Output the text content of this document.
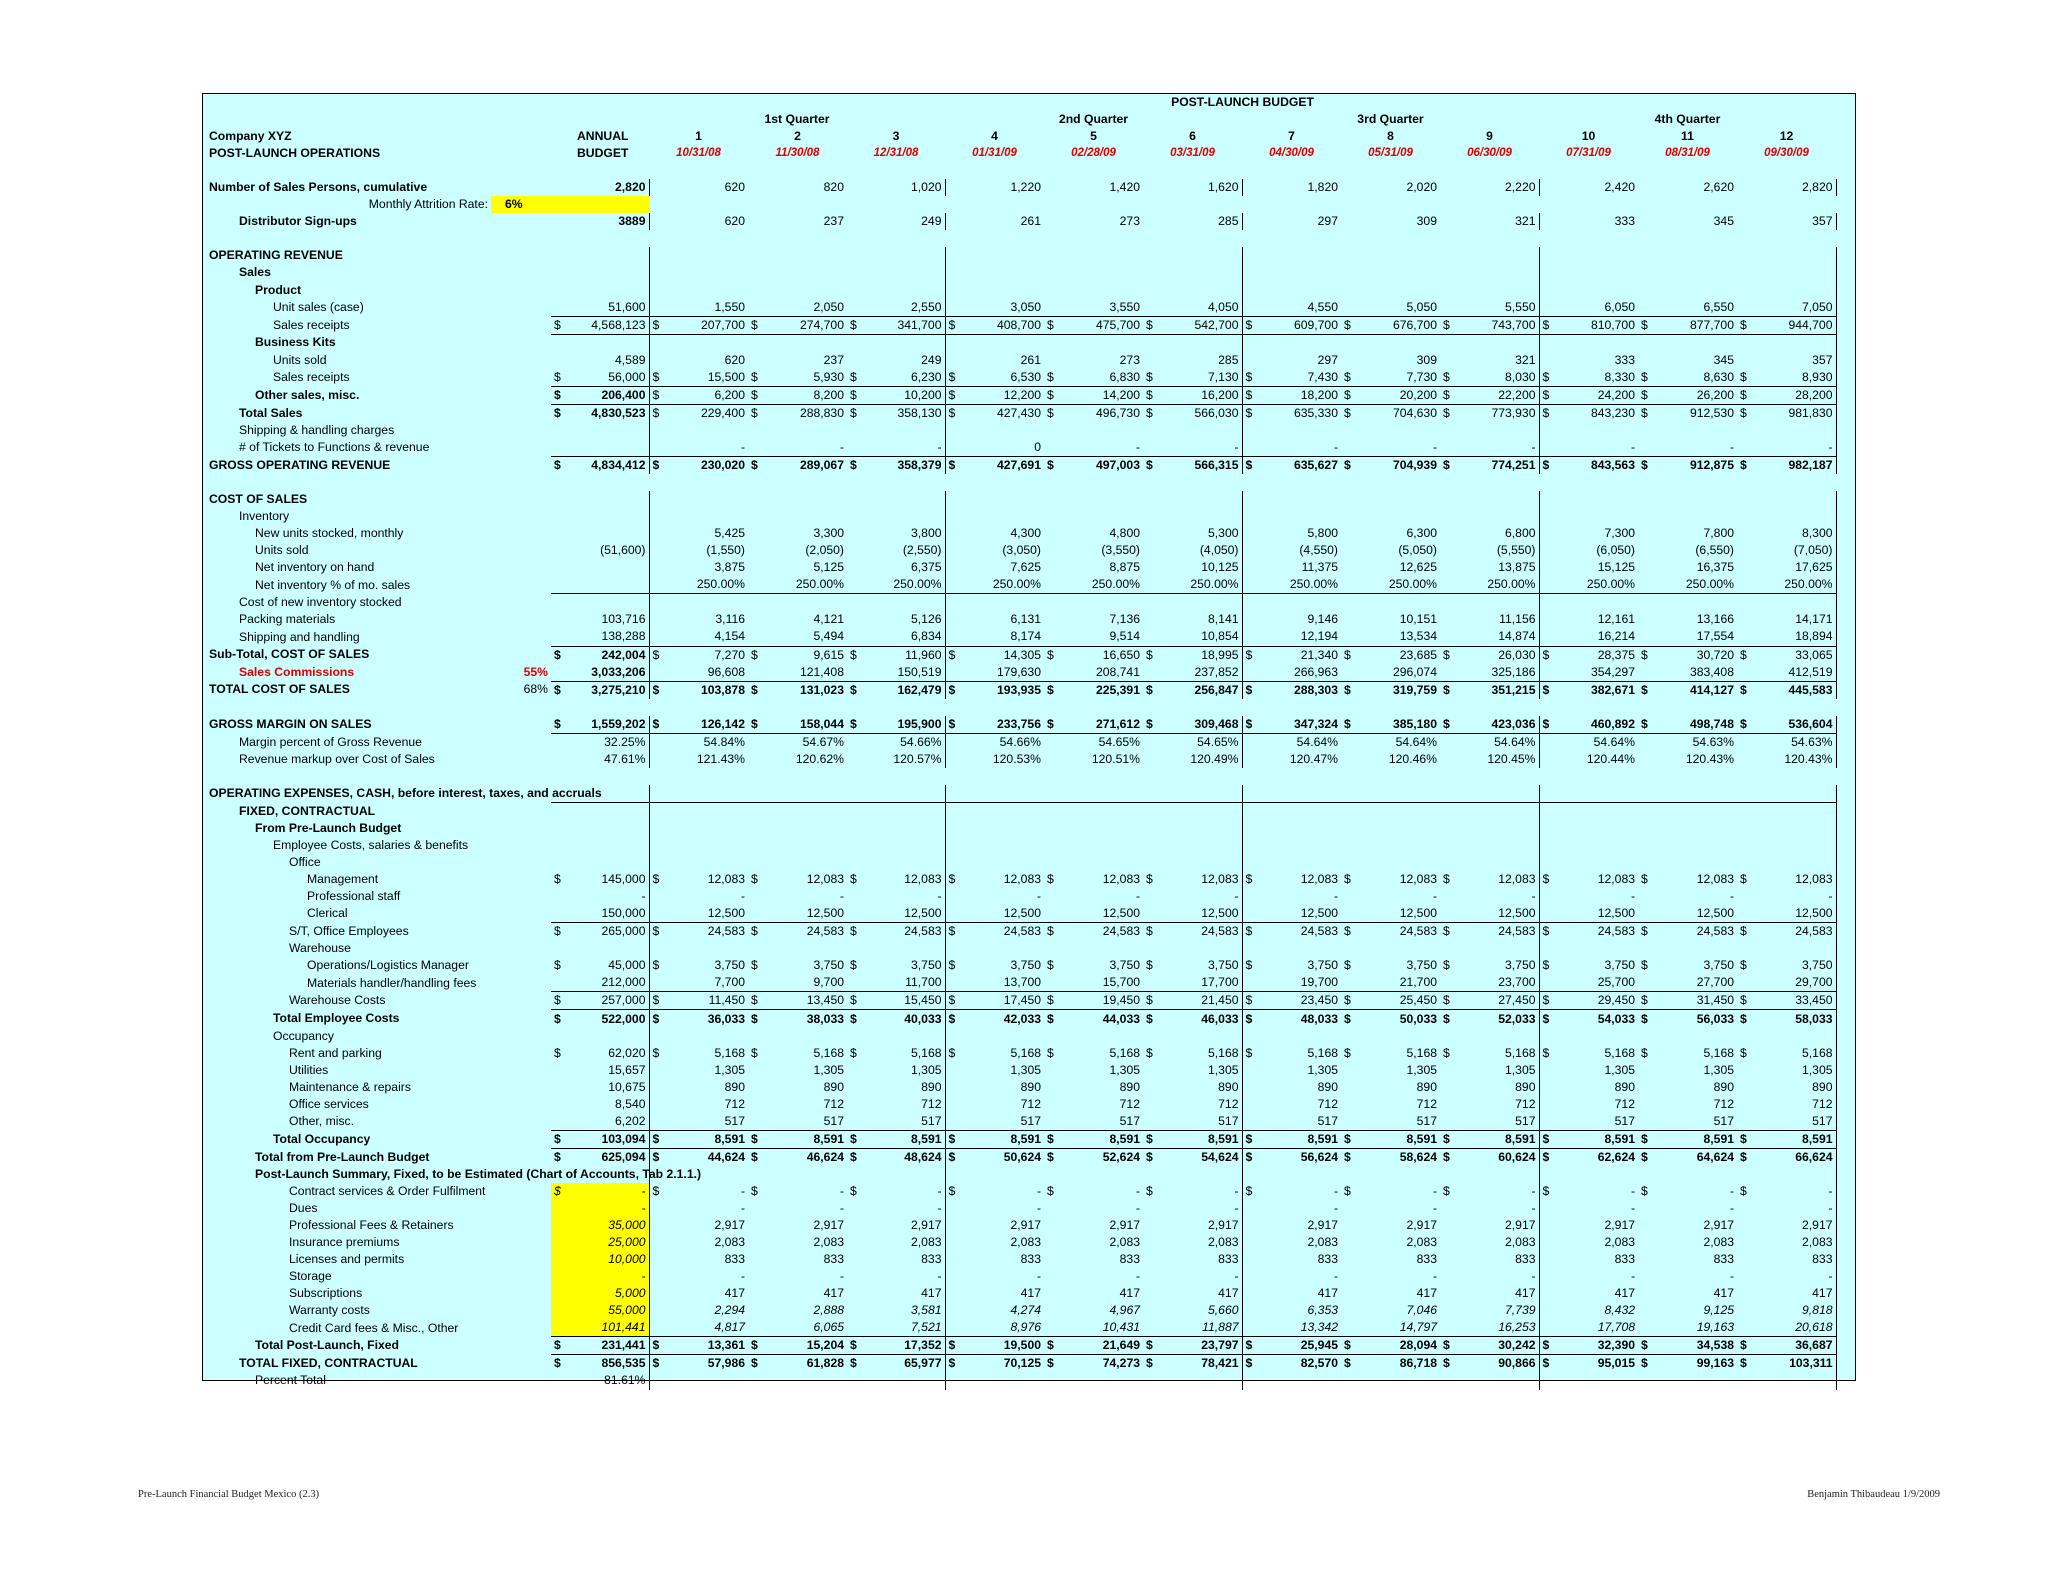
				POST-LAUNCH BUDGET																							
				1st Quarter						2nd Quarter						3rd Quarter						4th Quarter					
Company XYZ		ANNUAL		1		2		3		4		5		6		7		8		9		10		11		12	
POST-LAUNCH OPERATIONS		BUDGET		10/31/08		11/30/08		12/31/08		01/31/09		02/28/09		03/31/09		04/30/09		05/31/09		06/30/09		07/31/09		08/31/09		09/30/09	

Number of Sales Persons, cumulative			2,820		620		820		1,020		1,220		1,420		1,620		1,820		2,020		2,220		2,420		2,620		2,820
Monthly Attrition Rate:	6%																										
Distributor Sign-ups			3889		620		237		249		261		273		285		297		309		321		333		345		357

OPERATING REVENUE																											
Sales																											
Product																											
Unit sales (case)			51,600		1,550		2,050		2,550		3,050		3,550		4,050		4,550		5,050		5,550		6,050		6,550		7,050
Sales receipts		$	4,568,123	$	207,700	$	274,700	$	341,700	$	408,700	$	475,700	$	542,700	$	609,700	$	676,700	$	743,700	$	810,700	$	877,700	$	944,700
Business Kits																											
Units sold			4,589		620		237		249		261		273		285		297		309		321		333		345		357
Sales receipts		$	56,000	$	15,500	$	5,930	$	6,230	$	6,530	$	6,830	$	7,130	$	7,430	$	7,730	$	8,030	$	8,330	$	8,630	$	8,930
Other sales, misc.		$	206,400	$	6,200	$	8,200	$	10,200	$	12,200	$	14,200	$	16,200	$	18,200	$	20,200	$	22,200	$	24,200	$	26,200	$	28,200
Total Sales		$	4,830,523	$	229,400	$	288,830	$	358,130	$	427,430	$	496,730	$	566,030	$	635,330	$	704,630	$	773,930	$	843,230	$	912,530	$	981,830
Shipping & handling charges																											
# of Tickets to Functions & revenue					-		-		-		0		-		-		-		-		-		-		-		-
GROSS OPERATING REVENUE		$	4,834,412	$	230,020	$	289,067	$	358,379	$	427,691	$	497,003	$	566,315	$	635,627	$	704,939	$	774,251	$	843,563	$	912,875	$	982,187

COST OF SALES																											
Inventory																											
New units stocked, monthly					5,425		3,300		3,800		4,300		4,800		5,300		5,800		6,300		6,800		7,300		7,800		8,300
Units sold			(51,600)		(1,550)		(2,050)		(2,550)		(3,050)		(3,550)		(4,050)		(4,550)		(5,050)		(5,550)		(6,050)		(6,550)		(7,050)
Net inventory on hand					3,875		5,125		6,375		7,625		8,875		10,125		11,375		12,625		13,875		15,125		16,375		17,625
Net inventory % of mo. sales					250.00%		250.00%		250.00%		250.00%		250.00%		250.00%		250.00%		250.00%		250.00%		250.00%		250.00%		250.00%
Cost of new inventory stocked																											
Packing materials			103,716		3,116		4,121		5,126		6,131		7,136		8,141		9,146		10,151		11,156		12,161		13,166		14,171
Shipping and handling			138,288		4,154		5,494		6,834		8,174		9,514		10,854		12,194		13,534		14,874		16,214		17,554		18,894
Sub-Total, COST OF SALES		$	242,004	$	7,270	$	9,615	$	11,960	$	14,305	$	16,650	$	18,995	$	21,340	$	23,685	$	26,030	$	28,375	$	30,720	$	33,065
Sales Commissions	55%		3,033,206		96,608		121,408		150,519		179,630		208,741		237,852		266,963		296,074		325,186		354,297		383,408		412,519
TOTAL COST OF SALES	68%	$	3,275,210	$	103,878	$	131,023	$	162,479	$	193,935	$	225,391	$	256,847	$	288,303	$	319,759	$	351,215	$	382,671	$	414,127	$	445,583

GROSS MARGIN ON SALES		$	1,559,202	$	126,142	$	158,044	$	195,900	$	233,756	$	271,612	$	309,468	$	347,324	$	385,180	$	423,036	$	460,892	$	498,748	$	536,604
Margin percent of Gross Revenue			32.25%		54.84%		54.67%		54.66%		54.66%		54.65%		54.65%		54.64%		54.64%		54.64%		54.64%		54.63%		54.63%
Revenue markup over Cost of Sales			47.61%		121.43%		120.62%		120.57%		120.53%		120.51%		120.49%		120.47%		120.46%		120.45%		120.44%		120.43%		120.43%

OPERATING EXPENSES, CASH, before interest, taxes, and accruals																											
FIXED, CONTRACTUAL																											
From Pre-Launch Budget																											
Employee Costs, salaries & benefits																											
Office																											
Management		$	145,000	$	12,083	$	12,083	$	12,083	$	12,083	$	12,083	$	12,083	$	12,083	$	12,083	$	12,083	$	12,083	$	12,083	$	12,083
Professional staff			-		-		-		-		-		-		-		-		-		-		-		-		-
Clerical			150,000		12,500		12,500		12,500		12,500		12,500		12,500		12,500		12,500		12,500		12,500		12,500		12,500
S/T, Office Employees		$	265,000	$	24,583	$	24,583	$	24,583	$	24,583	$	24,583	$	24,583	$	24,583	$	24,583	$	24,583	$	24,583	$	24,583	$	24,583
Warehouse																											
Operations/Logistics Manager		$	45,000	$	3,750	$	3,750	$	3,750	$	3,750	$	3,750	$	3,750	$	3,750	$	3,750	$	3,750	$	3,750	$	3,750	$	3,750
Materials handler/handling fees			212,000		7,700		9,700		11,700		13,700		15,700		17,700		19,700		21,700		23,700		25,700		27,700		29,700
Warehouse Costs		$	257,000	$	11,450	$	13,450	$	15,450	$	17,450	$	19,450	$	21,450	$	23,450	$	25,450	$	27,450	$	29,450	$	31,450	$	33,450
Total Employee Costs		$	522,000	$	36,033	$	38,033	$	40,033	$	42,033	$	44,033	$	46,033	$	48,033	$	50,033	$	52,033	$	54,033	$	56,033	$	58,033
Occupancy																											
Rent and parking		$	62,020	$	5,168	$	5,168	$	5,168	$	5,168	$	5,168	$	5,168	$	5,168	$	5,168	$	5,168	$	5,168	$	5,168	$	5,168
Utilities			15,657		1,305		1,305		1,305		1,305		1,305		1,305		1,305		1,305		1,305		1,305		1,305		1,305
Maintenance & repairs			10,675		890		890		890		890		890		890		890		890		890		890		890		890
Office services			8,540		712		712		712		712		712		712		712		712		712		712		712		712
Other, misc.			6,202		517		517		517		517		517		517		517		517		517		517		517		517
Total Occupancy		$	103,094	$	8,591	$	8,591	$	8,591	$	8,591	$	8,591	$	8,591	$	8,591	$	8,591	$	8,591	$	8,591	$	8,591	$	8,591
Total from Pre-Launch Budget		$	625,094	$	44,624	$	46,624	$	48,624	$	50,624	$	52,624	$	54,624	$	56,624	$	58,624	$	60,624	$	62,624	$	64,624	$	66,624
Post-Launch Summary, Fixed, to be Estimated (Chart of Accounts, Tab 2.1.1.)																											
Contract services & Order Fulfilment		$	-	$	-	$	-	$	-	$	-	$	-	$	-	$	-	$	-	$	-	$	-	$	-	$	-
Dues			-		-		-		-		-		-		-		-		-		-		-		-		-
Professional Fees & Retainers			35,000		2,917		2,917		2,917		2,917		2,917		2,917		2,917		2,917		2,917		2,917		2,917		2,917
Insurance premiums			25,000		2,083		2,083		2,083		2,083		2,083		2,083		2,083		2,083		2,083		2,083		2,083		2,083
Licenses and permits			10,000		833		833		833		833		833		833		833		833		833		833		833		833
Storage			-		-		-		-		-		-		-		-		-		-		-		-		-
Subscriptions			5,000		417		417		417		417		417		417		417		417		417		417		417		417
Warranty costs			55,000		2,294		2,888		3,581		4,274		4,967		5,660		6,353		7,046		7,739		8,432		9,125		9,818
Credit Card fees & Misc., Other			101,441		4,817		6,065		7,521		8,976		10,431		11,887		13,342		14,797		16,253		17,708		19,163		20,618
Total Post-Launch, Fixed		$	231,441	$	13,361	$	15,204	$	17,352	$	19,500	$	21,649	$	23,797	$	25,945	$	28,094	$	30,242	$	32,390	$	34,538	$	36,687
TOTAL FIXED, CONTRACTUAL		$	856,535	$	57,986	$	61,828	$	65,977	$	70,125	$	74,273	$	78,421	$	82,570	$	86,718	$	90,866	$	95,015	$	99,163	$	103,311
Percent Total			81.61%																								
Pre-Launch Financial Budget Mexico (2.3)	Benjamin Thibaudeau 1/9/2009
